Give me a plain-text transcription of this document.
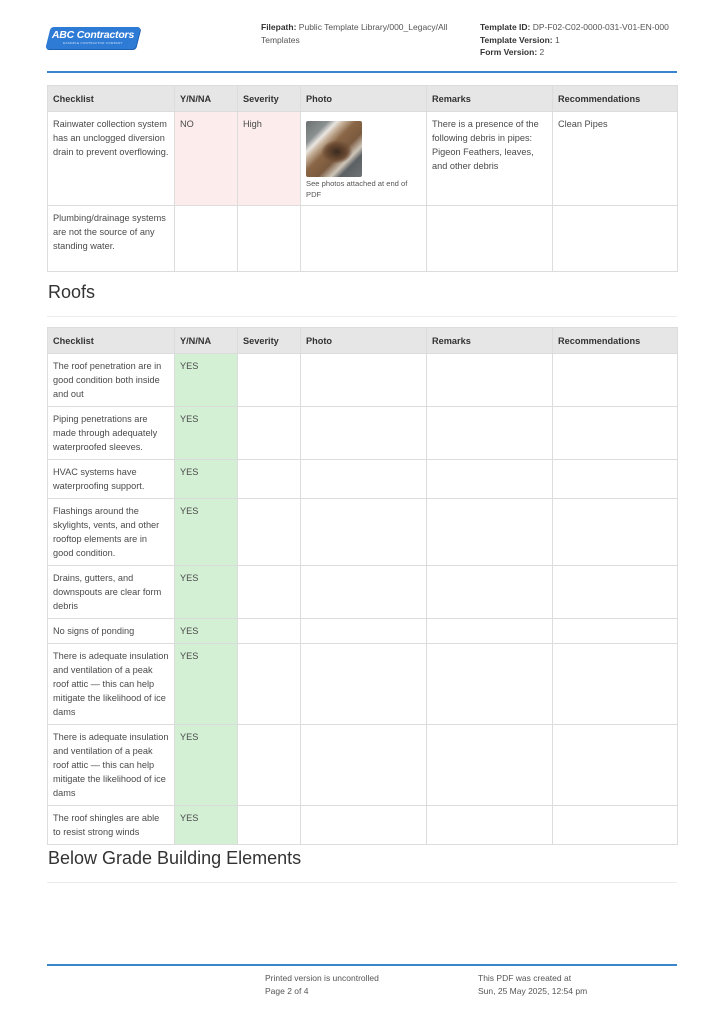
ABC Contractors
EXAMPLE CONTRACTOR COMPANY
Filepath: Public Template Library/000_Legacy/All Templates
Template ID: DP-F02-C02-0000-031-V01-EN-000
Template Version: 1
Form Version: 2
Checklist	Y/N/NA	Severity	Photo	Remarks	Recommendations
Rainwater collection system has an unclogged diversion drain to prevent overflowing.	NO	High	See photos attached at end of PDF	There is a presence of the following debris in pipes: Pigeon Feathers, leaves, and other debris	Clean Pipes
Plumbing/drainage systems are not the source of any standing water.					
Roofs
Checklist	Y/N/NA	Severity	Photo	Remarks	Recommendations
The roof penetration are in good condition both inside and out	YES				
Piping penetrations are made through adequately waterproofed sleeves.	YES				
HVAC systems have waterproofing support.	YES				
Flashings around the skylights, vents, and other rooftop elements are in good condition.	YES				
Drains, gutters, and downspouts are clear form debris	YES				
No signs of ponding	YES				
There is adequate insulation and ventilation of a peak roof attic — this can help mitigate the likelihood of ice dams	YES				
There is adequate insulation and ventilation of a peak roof attic — this can help mitigate the likelihood of ice dams	YES				
The roof shingles are able to resist strong winds	YES				
Below Grade Building Elements
Printed version is uncontrolled
Page 2 of 4
This PDF was created at
Sun, 25 May 2025, 12:54 pm
